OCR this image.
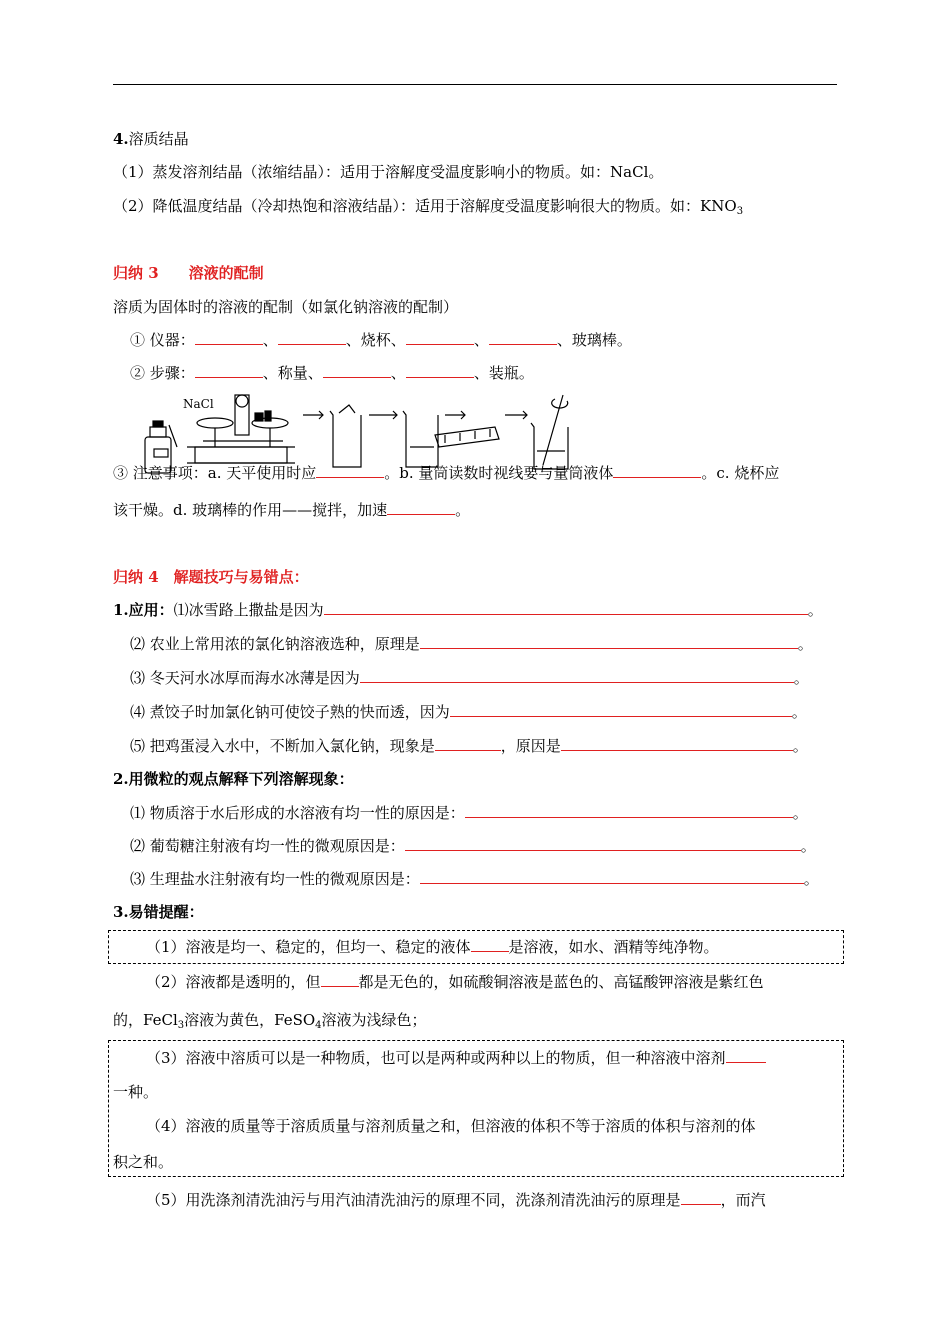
4.溶质结晶
（1）蒸发溶剂结晶（浓缩结晶）：适用于溶解度受温度影响小的物质。如：NaCl。
（2）降低温度结晶（冷却热饱和溶液结晶）：适用于溶解度受温度影响很大的物质。如：$KNO_3$
归纳 3　　溶液的配制
溶质为固体时的溶液的配制（如氯化钠溶液的配制）
① 仪器：	、	、烧杯、	、	、玻璃棒。
② 步骤：	、称量、	、	、装瓶。
NaCl
③ 注意事项：a. 天平使用时应	。b. 量筒读数时视线要与量筒液体	。c. 烧杯应
该干燥。d. 玻璃棒的作用——搅拌，加速	。
归纳 4　解题技巧与易错点：
1.应用：⑴冰雪路上撒盐是因为	。
⑵ 农业上常用浓的氯化钠溶液选种，原理是	。
⑶ 冬天河水冰厚而海水冰薄是因为	。
⑷ 煮饺子时加氯化钠可使饺子熟的快而透，因为	。
⑸ 把鸡蛋浸入水中，不断加入氯化钠，现象是	，原因是	。
2.用微粒的观点解释下列溶解现象：
⑴ 物质溶于水后形成的水溶液有均一性的原因是：	。
⑵ 葡萄糖注射液有均一性的微观原因是：	。
⑶ 生理盐水注射液有均一性的微观原因是：	。
3.易错提醒：
（1）溶液是均一、稳定的，但均一、稳定的液体	是溶液，如水、酒精等纯净物。
（2）溶液都是透明的，但	都是无色的，如硫酸铜溶液是蓝色的、高锰酸钾溶液是紫红色
的，FeCl$_3$溶液为黄色，FeSO$_4$溶液为浅绿色；
（3）溶液中溶质可以是一种物质，也可以是两种或两种以上的物质，但一种溶液中溶剂
一种。
（4）溶液的质量等于溶质质量与溶剂质量之和，但溶液的体积不等于溶质的体积与溶剂的体
积之和。
（5）用洗涤剂清洗油污与用汽油清洗油污的原理不同，洗涤剂清洗油污的原理是	，而汽
